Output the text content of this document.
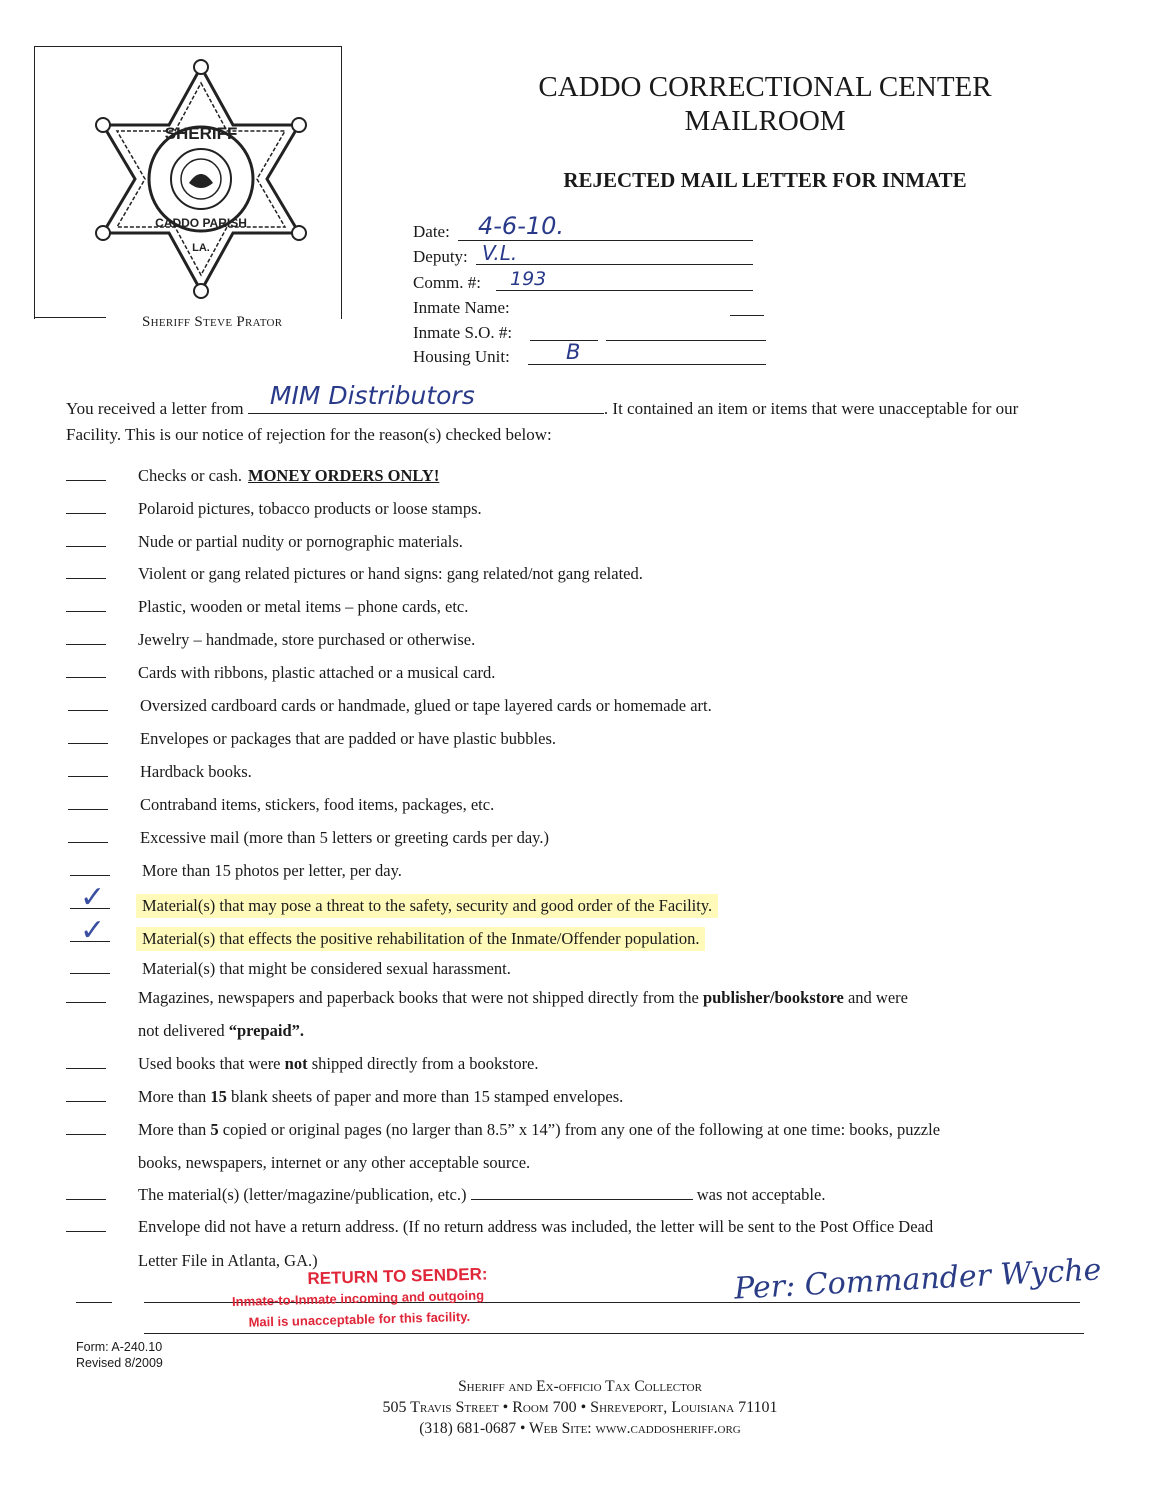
SHERIFF
CADDO PARISH
LA.
Sheriff Steve Prator
CADDO CORRECTIONAL CENTER
MAILROOM
REJECTED MAIL LETTER FOR INMATE
Date: 4-6-10.
Deputy: V.L.
Comm. #: 193
Inmate Name:
Inmate S.O. #:
Housing Unit:	B
You received a letter from MIM Distributors	. It contained an item or items that were unacceptable for our
Facility. This is our notice of rejection for the reason(s) checked below:
Checks or cash. MONEY ORDERS ONLY!
Polaroid pictures, tobacco products or loose stamps.
Nude or partial nudity or pornographic materials.
Violent or gang related pictures or hand signs: gang related/not gang related.
Plastic, wooden or metal items – phone cards, etc.
Jewelry – handmade, store purchased or otherwise.
Cards with ribbons, plastic attached or a musical card.
Oversized cardboard cards or handmade, glued or tape layered cards or homemade art.
Envelopes or packages that are padded or have plastic bubbles.
Hardback books.
Contraband items, stickers, food items, packages, etc.
Excessive mail (more than 5 letters or greeting cards per day.)
More than 15 photos per letter, per day.
✓	Material(s) that may pose a threat to the safety, security and good order of the Facility.
✓	Material(s) that effects the positive rehabilitation of the Inmate/Offender population.
Material(s) that might be considered sexual harassment.
Magazines, newspapers and paperback books that were not shipped directly from the publisher/bookstore and were
not delivered “prepaid”.
Used books that were not shipped directly from a bookstore.
More than 15 blank sheets of paper and more than 15 stamped envelopes.
More than 5 copied or original pages (no larger than 8.5” x 14”) from any one of the following at one time: books, puzzle
books, newspapers, internet or any other acceptable source.
The material(s) (letter/magazine/publication, etc.)	was not acceptable.
Envelope did not have a return address. (If no return address was included, the letter will be sent to the Post Office Dead
Letter File in Atlanta, GA.)
RETURN TO SENDER:
Inmate-to-Inmate incoming and outgoing
Mail is unacceptable for this facility.
Per: Commander Wyche
Form: A-240.10
Revised 8/2009
Sheriff and Ex-officio Tax Collector
505 Travis Street • Room 700 • Shreveport, Louisiana 71101
(318) 681-0687 • Web Site: www.caddosheriff.org
